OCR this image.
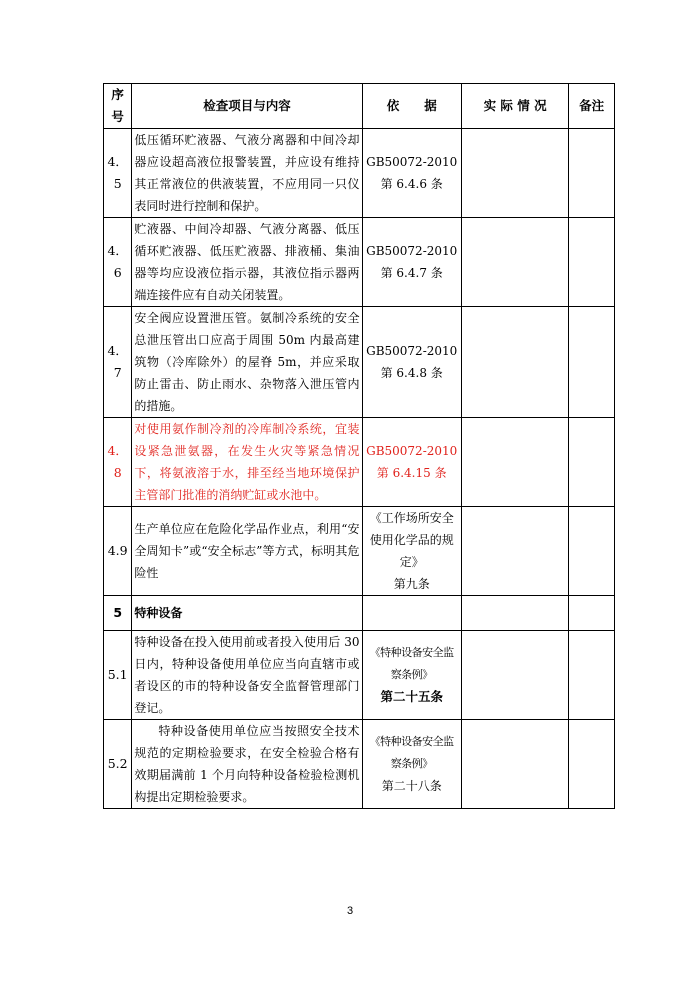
序号	检查项目与内容	依　　据	实 际 情 况	备注
4．5	低压循环贮液器、气液分离器和中间冷却器应设超高液位报警装置，并应设有维持其正常液位的供液装置，不应用同一只仪表同时进行控制和保护。	GB50072-2010
第 6.4.6 条		

4．6	贮液器、中间冷却器、气液分离器、低压循环贮液器、低压贮液器、排液桶、集油器等均应设液位指示器，其液位指示器两端连接件应有自动关闭装置。	GB50072-2010
第 6.4.7 条		

4．7	安全阀应设置泄压管。氨制冷系统的安全总泄压管出口应高于周围 50m 内最高建筑物（冷库除外）的屋脊 5m，并应采取防止雷击、防止雨水、杂物落入泄压管内的措施。	GB50072-2010
第 6.4.8 条		

4．8	对使用氨作制冷剂的冷库制冷系统，宜装设紧急泄氨器，在发生火灾等紧急情况下，将氨液溶于水，排至经当地环境保护主管部门批准的消纳贮缸或水池中。	GB50072-2010
第 6.4.15 条		

4.9	生产单位应在危险化学品作业点，利用“安全周知卡”或“安全标志”等方式，标明其危险性	《工作场所安全使用化学品的规定》
第九条		

5	特种设备			
5.1	特种设备在投入使用前或者投入使用后 30 日内，特种设备使用单位应当向直辖市或者设区的市的特种设备安全监督管理部门登记。	《特种设备安全监察条例》
第二十五条		

5.2	特种设备使用单位应当按照安全技术规范的定期检验要求，在安全检验合格有效期届满前 1 个月向特种设备检验检测机构提出定期检验要求。	《特种设备安全监察条例》
第二十八条		

3
